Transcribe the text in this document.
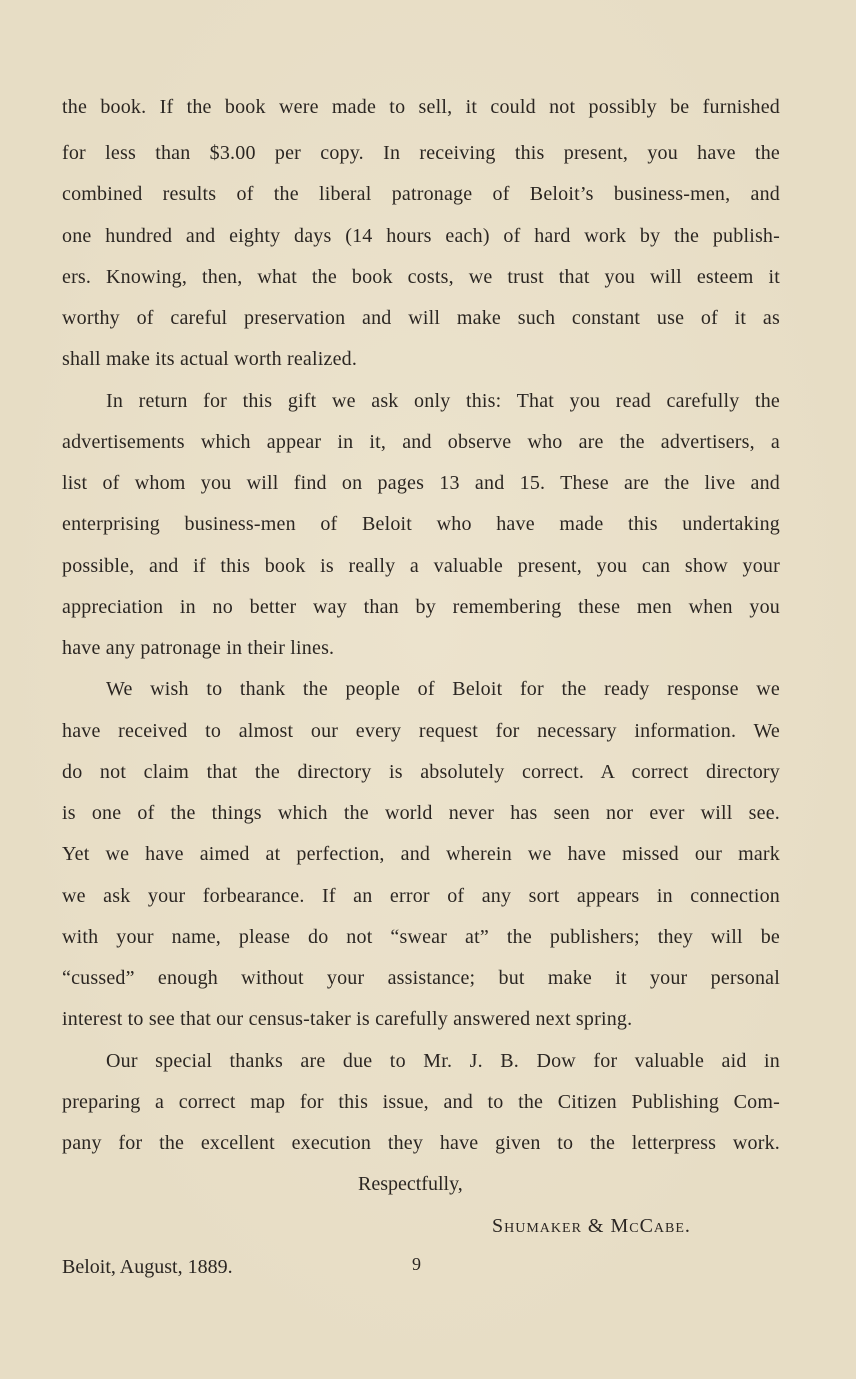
the book. If the book were made to sell, it could not possibly be furnished
for less than $3.00 per copy. In receiving this present, you have the
combined results of the liberal patronage of Beloit’s business-men, and
one hundred and eighty days (14 hours each) of hard work by the publish-
ers. Knowing, then, what the book costs, we trust that you will esteem it
worthy of careful preservation and will make such constant use of it as
shall make its actual worth realized.
In return for this gift we ask only this: That you read carefully the
advertisements which appear in it, and observe who are the advertisers, a
list of whom you will find on pages 13 and 15. These are the live and
enterprising business-men of Beloit who have made this undertaking
possible, and if this book is really a valuable present, you can show your
appreciation in no better way than by remembering these men when you
have any patronage in their lines.
We wish to thank the people of Beloit for the ready response we
have received to almost our every request for necessary information. We
do not claim that the directory is absolutely correct. A correct directory
is one of the things which the world never has seen nor ever will see.
Yet we have aimed at perfection, and wherein we have missed our mark
we ask your forbearance. If an error of any sort appears in connection
with your name, please do not “swear at” the publishers; they will be
“cussed” enough without your assistance; but make it your personal
interest to see that our census-taker is carefully answered next spring.
Our special thanks are due to Mr. J. B. Dow for valuable aid in
preparing a correct map for this issue, and to the Citizen Publishing Com-
pany for the excellent execution they have given to the letterpress work.
Respectfully,
Shumaker & McCabe.
Beloit, August, 1889.	9
